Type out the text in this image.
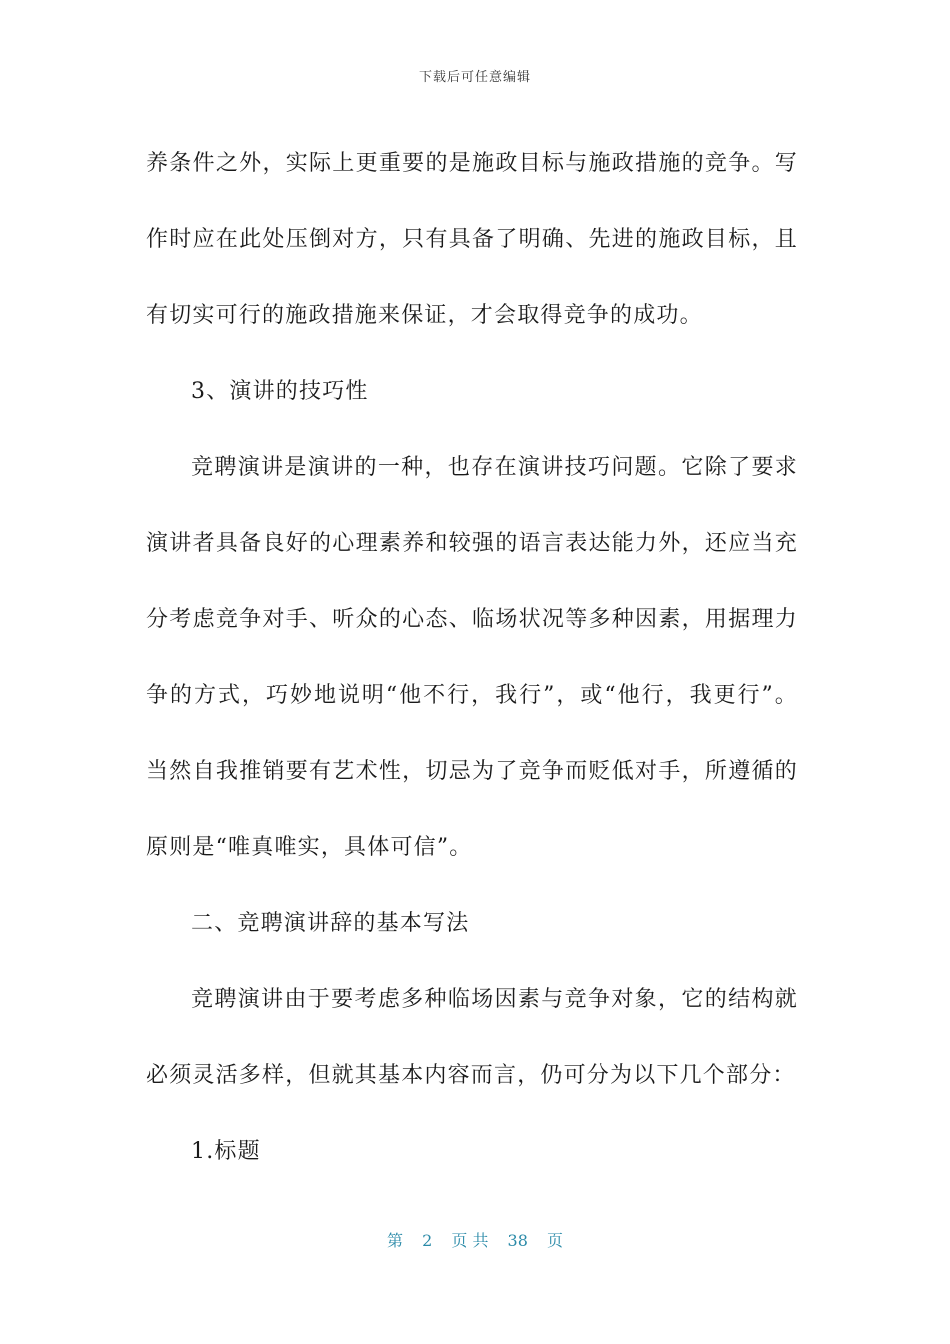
下载后可任意编辑

养条件之外，实际上更重要的是施政目标与施政措施的竞争。写作时应在此处压倒对方，只有具备了明确、先进的施政目标，且有切实可行的施政措施来保证，才会取得竞争的成功。

3、演讲的技巧性

竞聘演讲是演讲的一种，也存在演讲技巧问题。它除了要求演讲者具备良好的心理素养和较强的语言表达能力外，还应当充分考虑竞争对手、听众的心态、临场状况等多种因素，用据理力争的方式，巧妙地说明“他不行，我行”，或“他行，我更行”。当然自我推销要有艺术性，切忌为了竞争而贬低对手，所遵循的原则是“唯真唯实，具体可信”。

二、竞聘演讲辞的基本写法

竞聘演讲由于要考虑多种临场因素与竞争对象，它的结构就必须灵活多样，但就其基本内容而言，仍可分为以下几个部分：

1.标题

第 2 页 共 38 页
